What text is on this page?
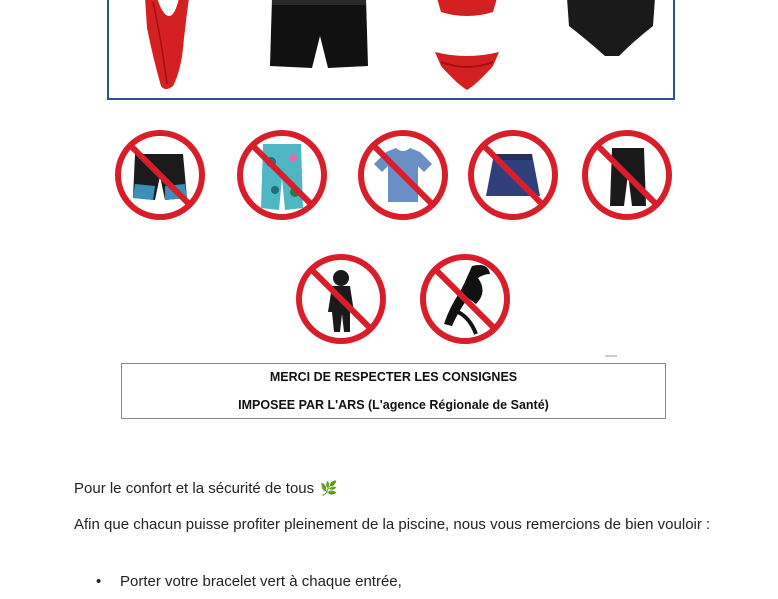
MERCI DE RESPECTER LES CONSIGNES
IMPOSEE PAR L'ARS (L'agence Régionale de Santé)
Pour le confort et la sécurité de tous 🌿
Afin que chacun puisse profiter pleinement de la piscine, nous vous remercions de bien vouloir :
• Porter votre bracelet vert à chaque entrée,
